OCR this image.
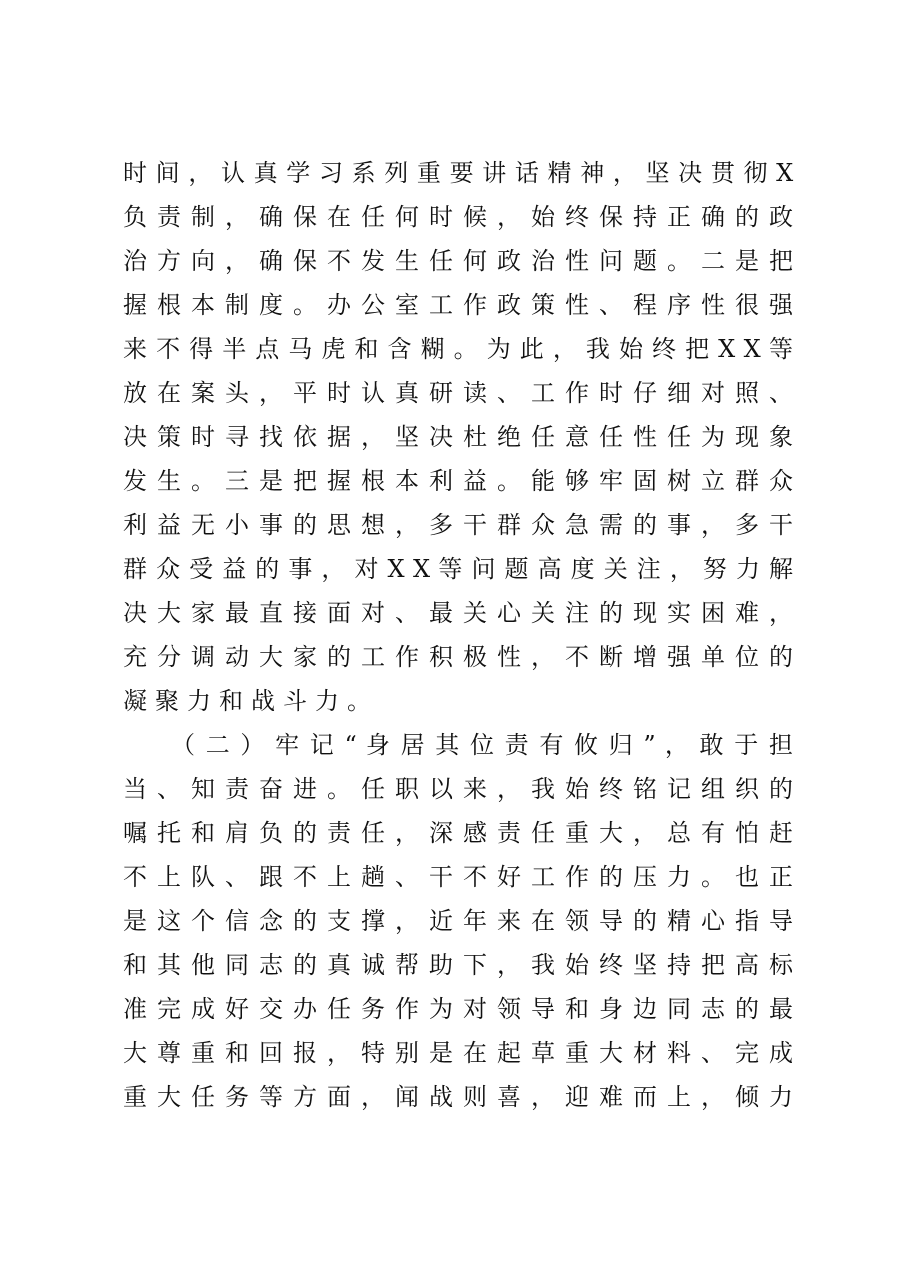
时 间 ， 认 真 学 习 系 列 重 要 讲 话 精 神 ， 坚 决 贯 彻 X
负 责 制 ， 确 保 在 任 何 时 候 ， 始 终 保 持 正 确 的 政
治 方 向 ， 确 保 不 发 生 任 何 政 治 性 问 题 。 二 是 把
握 根 本 制 度 。 办 公 室 工 作 政 策 性 、 程 序 性 很 强
来 不 得 半 点 马 虎 和 含 糊 。 为 此 ， 我 始 终 把 X X 等
放 在 案 头 ， 平 时 认 真 研 读 、 工 作 时 仔 细 对 照 、
决 策 时 寻 找 依 据 ， 坚 决 杜 绝 任 意 任 性 任 为 现 象
发 生 。 三 是 把 握 根 本 利 益 。 能 够 牢 固 树 立 群 众
利 益 无 小 事 的 思 想 ， 多 干 群 众 急 需 的 事 ， 多 干
群 众 受 益 的 事 ， 对 X X 等 问 题 高 度 关 注 ， 努 力 解
决 大 家 最 直 接 面 对 、 最 关 心 关 注 的 现 实 困 难 ，
充 分 调 动 大 家 的 工 作 积 极 性 ， 不 断 增 强 单 位 的
凝聚力和战斗力。
（ 二 ） 牢 记 “ 身 居 其 位 责 有 攸 归 ” ， 敢 于 担
当 、 知 责 奋 进 。 任 职 以 来 ， 我 始 终 铭 记 组 织 的
嘱 托 和 肩 负 的 责 任 ， 深 感 责 任 重 大 ， 总 有 怕 赶
不 上 队 、 跟 不 上 趟 、 干 不 好 工 作 的 压 力 。 也 正
是 这 个 信 念 的 支 撑 ， 近 年 来 在 领 导 的 精 心 指 导
和 其 他 同 志 的 真 诚 帮 助 下 ， 我 始 终 坚 持 把 高 标
准 完 成 好 交 办 任 务 作 为 对 领 导 和 身 边 同 志 的 最
大 尊 重 和 回 报 ， 特 别 是 在 起 草 重 大 材 料 、 完 成
重 大 任 务 等 方 面 ， 闻 战 则 喜 ， 迎 难 而 上 ， 倾 力
